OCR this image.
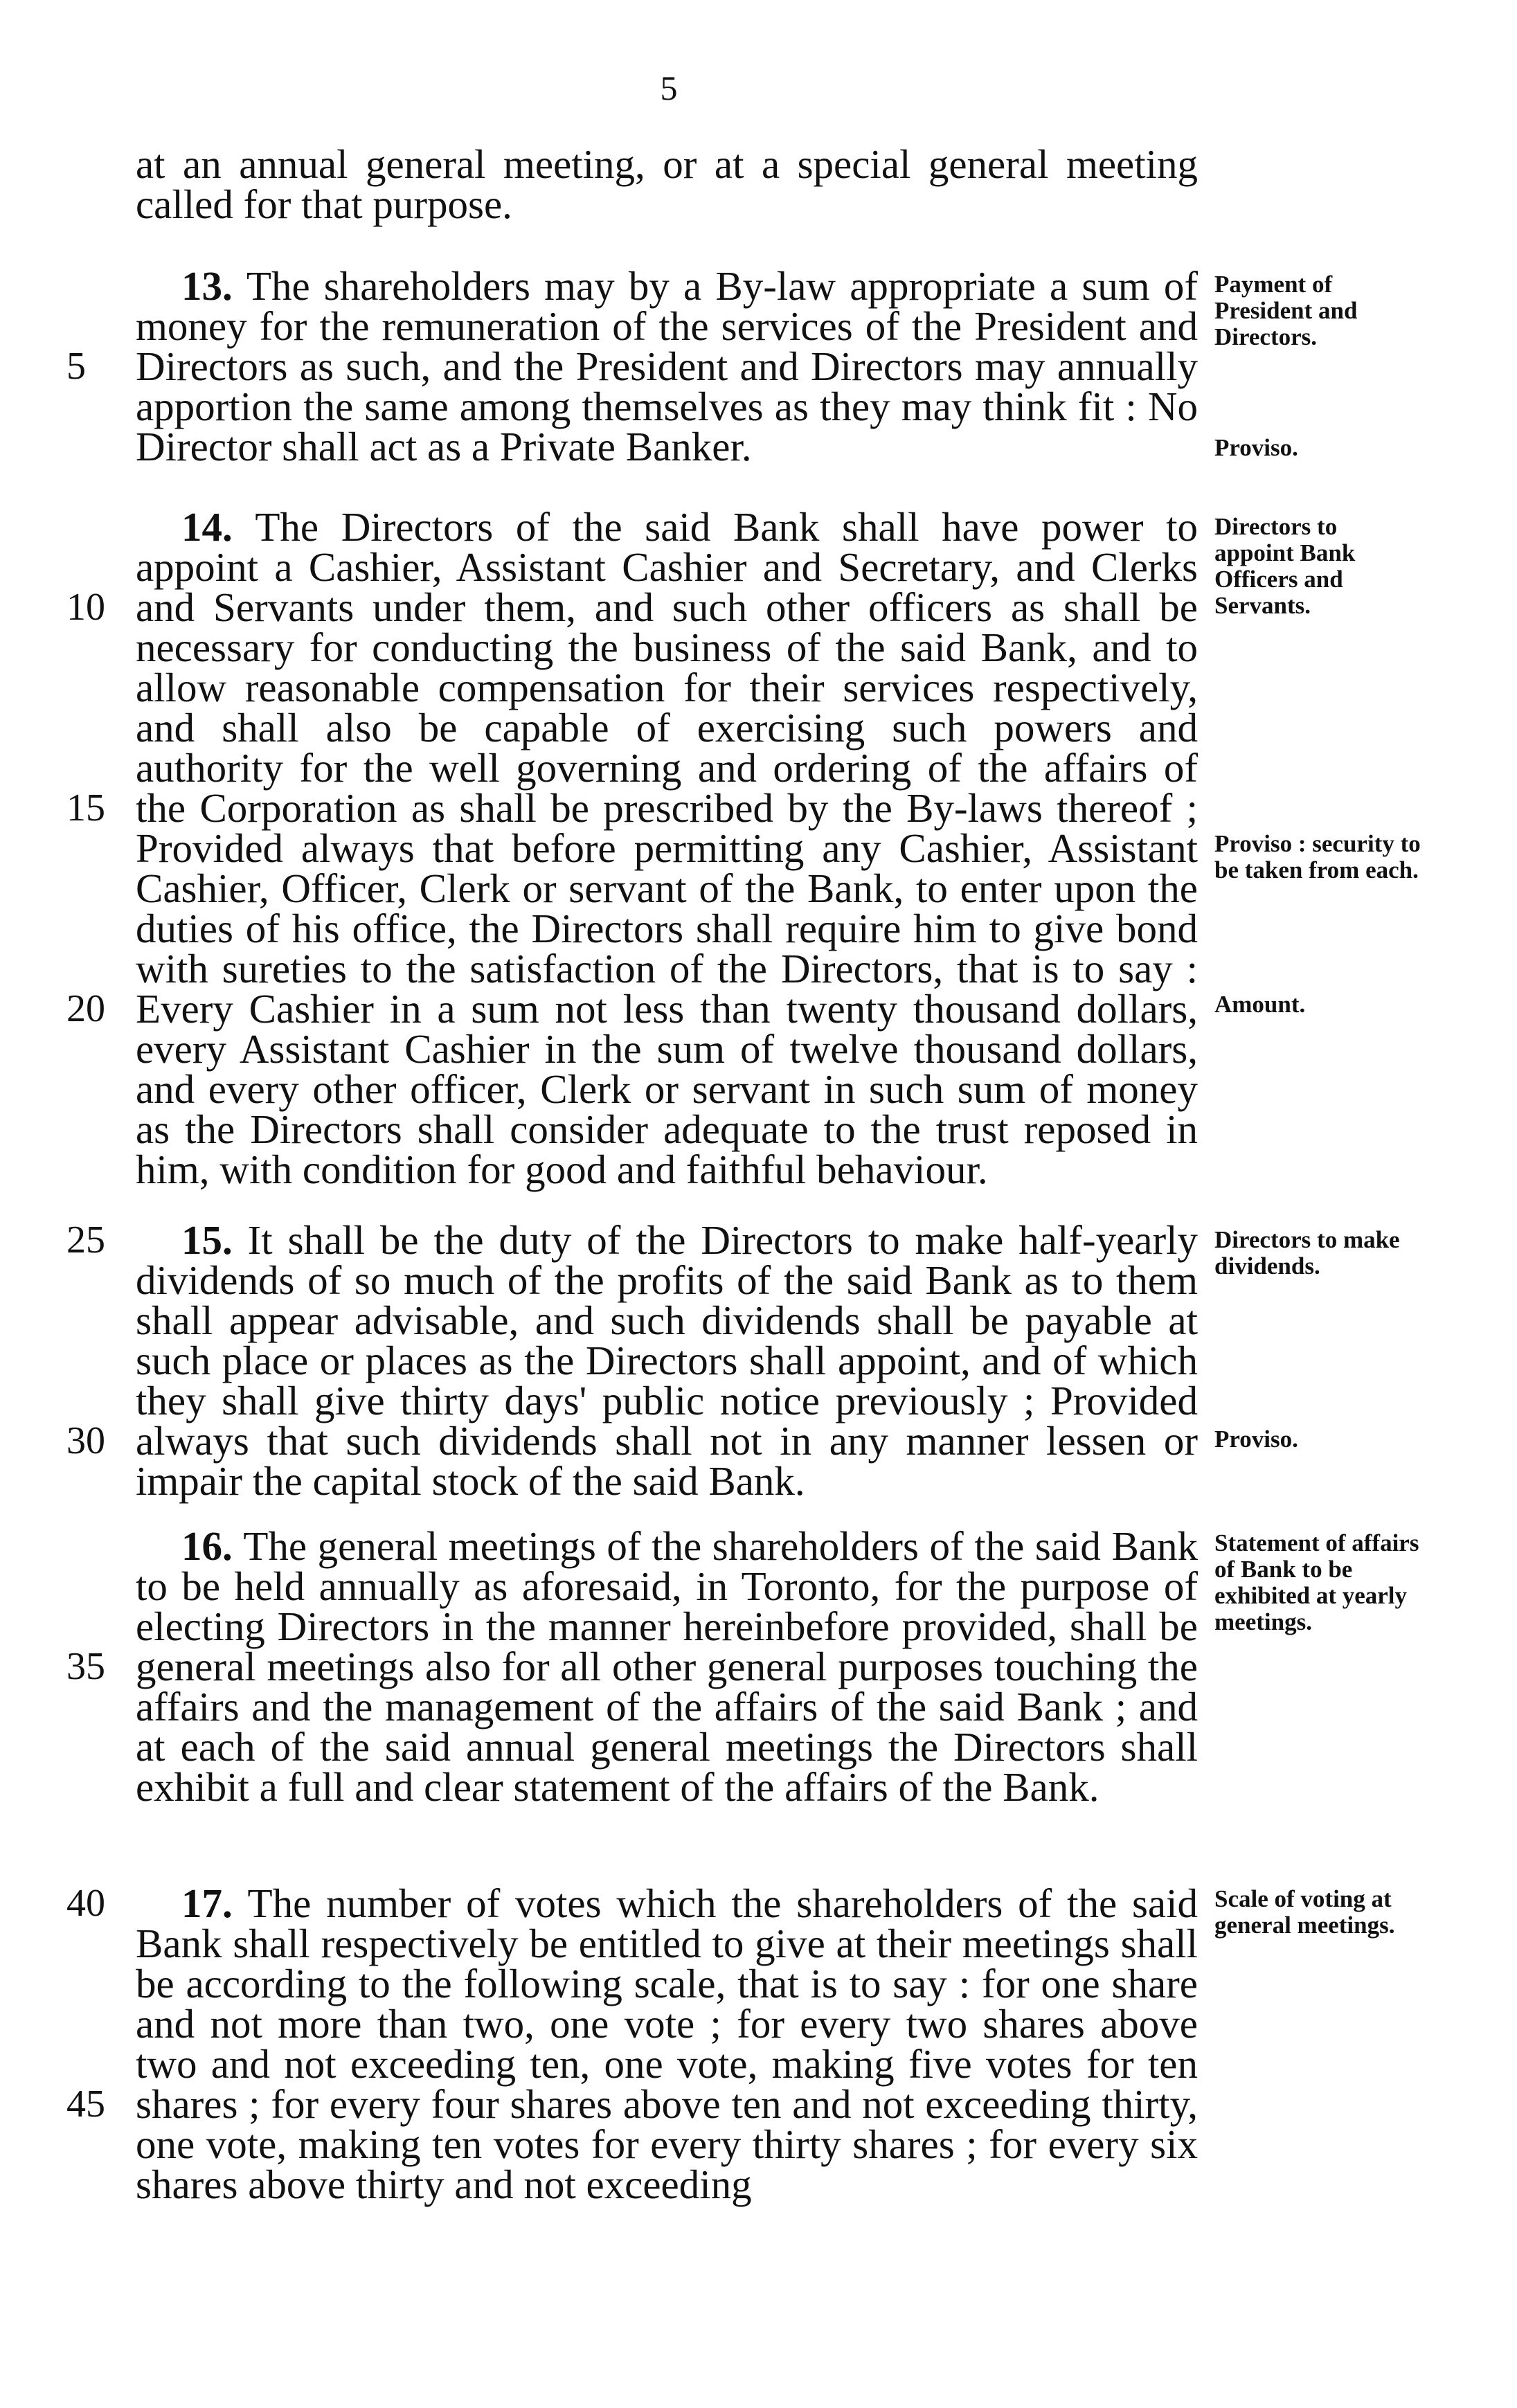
5

at an annual general meeting, or at a special general meeting called for that purpose.

13. The shareholders may by a By-law appropriate a sum of money for the remuneration of the services of the President and Directors as such, and the President and Directors may annually apportion the same among themselves as they may think fit : No Director shall act as a Private Banker.

14. The Directors of the said Bank shall have power to appoint a Cashier, Assistant Cashier and Secretary, and Clerks and Servants under them, and such other officers as shall be necessary for conducting the business of the said Bank, and to allow reasonable compensation for their services respectively, and shall also be capable of exercising such powers and authority for the well governing and ordering of the affairs of the Corporation as shall be prescribed by the By-laws thereof ; Provided always that before permitting any Cashier, Assistant Cashier, Officer, Clerk or servant of the Bank, to enter upon the duties of his office, the Directors shall require him to give bond with sureties to the satisfaction of the Directors, that is to say : Every Cashier in a sum not less than twenty thousand dollars, every Assistant Cashier in the sum of twelve thousand dollars, and every other officer, Clerk or servant in such sum of money as the Directors shall consider adequate to the trust reposed in him, with condition for good and faithful behaviour.

15. It shall be the duty of the Directors to make half-yearly dividends of so much of the profits of the said Bank as to them shall appear advisable, and such dividends shall be payable at such place or places as the Directors shall appoint, and of which they shall give thirty days' public notice previously ; Provided always that such dividends shall not in any manner lessen or impair the capital stock of the said Bank.

16. The general meetings of the shareholders of the said Bank to be held annually as aforesaid, in Toronto, for the purpose of electing Directors in the manner hereinbefore provided, shall be general meetings also for all other general purposes touching the affairs and the management of the affairs of the said Bank ; and at each of the said annual general meetings the Directors shall exhibit a full and clear statement of the affairs of the Bank.

17. The number of votes which the shareholders of the said Bank shall respectively be entitled to give at their meetings shall be according to the following scale, that is to say : for one share and not more than two, one vote ; for every two shares above two and not exceeding ten, one vote, making five votes for ten shares ; for every four shares above ten and not exceeding thirty, one vote, making ten votes for every thirty shares ; for every six shares above thirty and not exceeding

5
10
15
20
25
30
35
40
45
Payment of President and Directors.
Proviso.
Directors to appoint Bank Officers and Servants.
Proviso : security to be taken from each.
Amount.
Directors to make dividends.
Proviso.
Statement of affairs of Bank to be exhibited at yearly meetings.
Scale of voting at general meetings.
